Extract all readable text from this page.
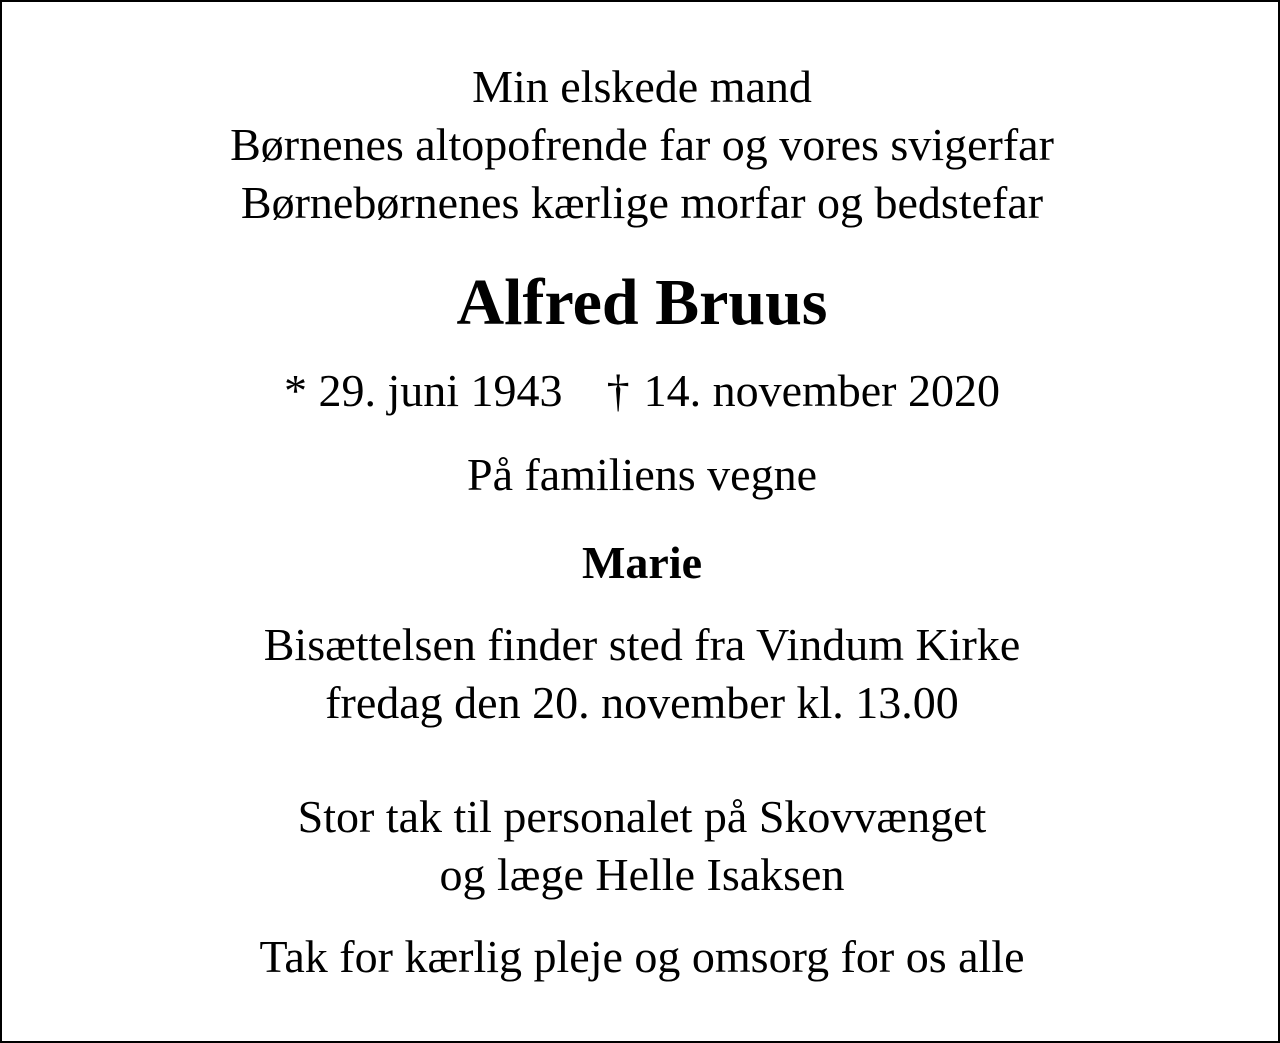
Min elskede mand
Børnenes altopofrende far og vores svigerfar
Børnebørnenes kærlige morfar og bedstefar
Alfred Bruus
* 29. juni 1943 † 14. november 2020
På familiens vegne
Marie
Bisættelsen finder sted fra Vindum Kirke
fredag den 20. november kl. 13.00
Stor tak til personalet på Skovvænget
og læge Helle Isaksen
Tak for kærlig pleje og omsorg for os alle
